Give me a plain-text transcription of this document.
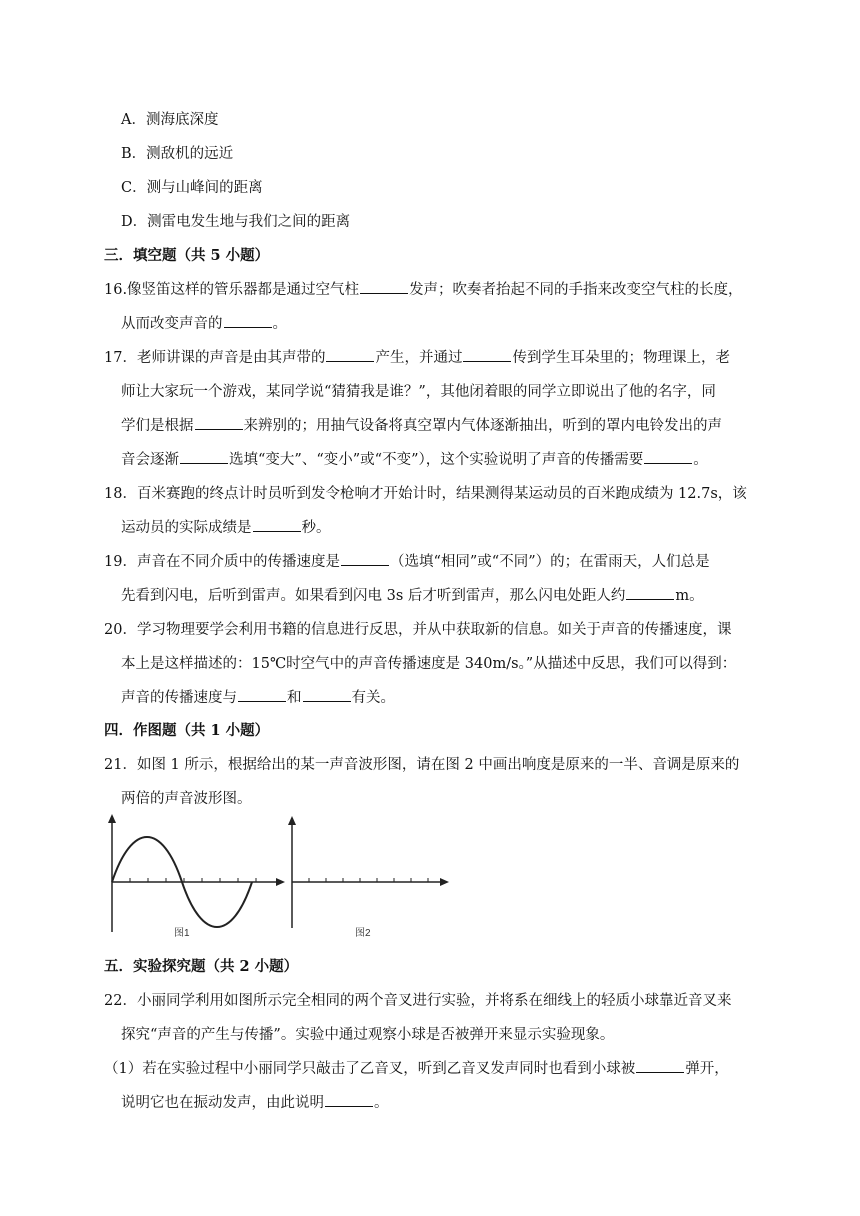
A．测海底深度
B．测敌机的远近
C．测与山峰间的距离
D．测雷电发生地与我们之间的距离
三．填空题（共 5 小题）
16.像竖笛这样的管乐器都是通过空气柱	发声；吹奏者抬起不同的手指来改变空气柱的长度，
从而改变声音的	。
17．老师讲课的声音是由其声带的	产生，并通过	传到学生耳朵里的；物理课上，老
师让大家玩一个游戏，某同学说“猜猜我是谁？”，其他闭着眼的同学立即说出了他的名字，同
学们是根据	来辨别的；用抽气设备将真空罩内气体逐渐抽出，听到的罩内电铃发出的声
音会逐渐	选填“变大”、“变小”或“不变”），这个实验说明了声音的传播需要	。
18．百米赛跑的终点计时员听到发令枪响才开始计时，结果测得某运动员的百米跑成绩为 12.7s，该
运动员的实际成绩是	秒。
19．声音在不同介质中的传播速度是	（选填“相同”或“不同”）的；在雷雨天，人们总是
先看到闪电，后听到雷声。如果看到闪电 3s 后才听到雷声，那么闪电处距人约	m。
20．学习物理要学会利用书籍的信息进行反思，并从中获取新的信息。如关于声音的传播速度，课
本上是这样描述的：15℃时空气中的声音传播速度是 340m/s。”从描述中反思，我们可以得到：
声音的传播速度与	和	有关。
四．作图题（共 1 小题）
21．如图 1 所示，根据给出的某一声音波形图，请在图 2 中画出响度是原来的一半、音调是原来的
两倍的声音波形图。
图1	图2
五．实验探究题（共 2 小题）
22．小丽同学利用如图所示完全相同的两个音叉进行实验，并将系在细线上的轻质小球靠近音叉来
探究“声音的产生与传播”。实验中通过观察小球是否被弹开来显示实验现象。
（1）若在实验过程中小丽同学只敲击了乙音叉，听到乙音叉发声同时也看到小球被	弹开，
说明它也在振动发声，由此说明	。
